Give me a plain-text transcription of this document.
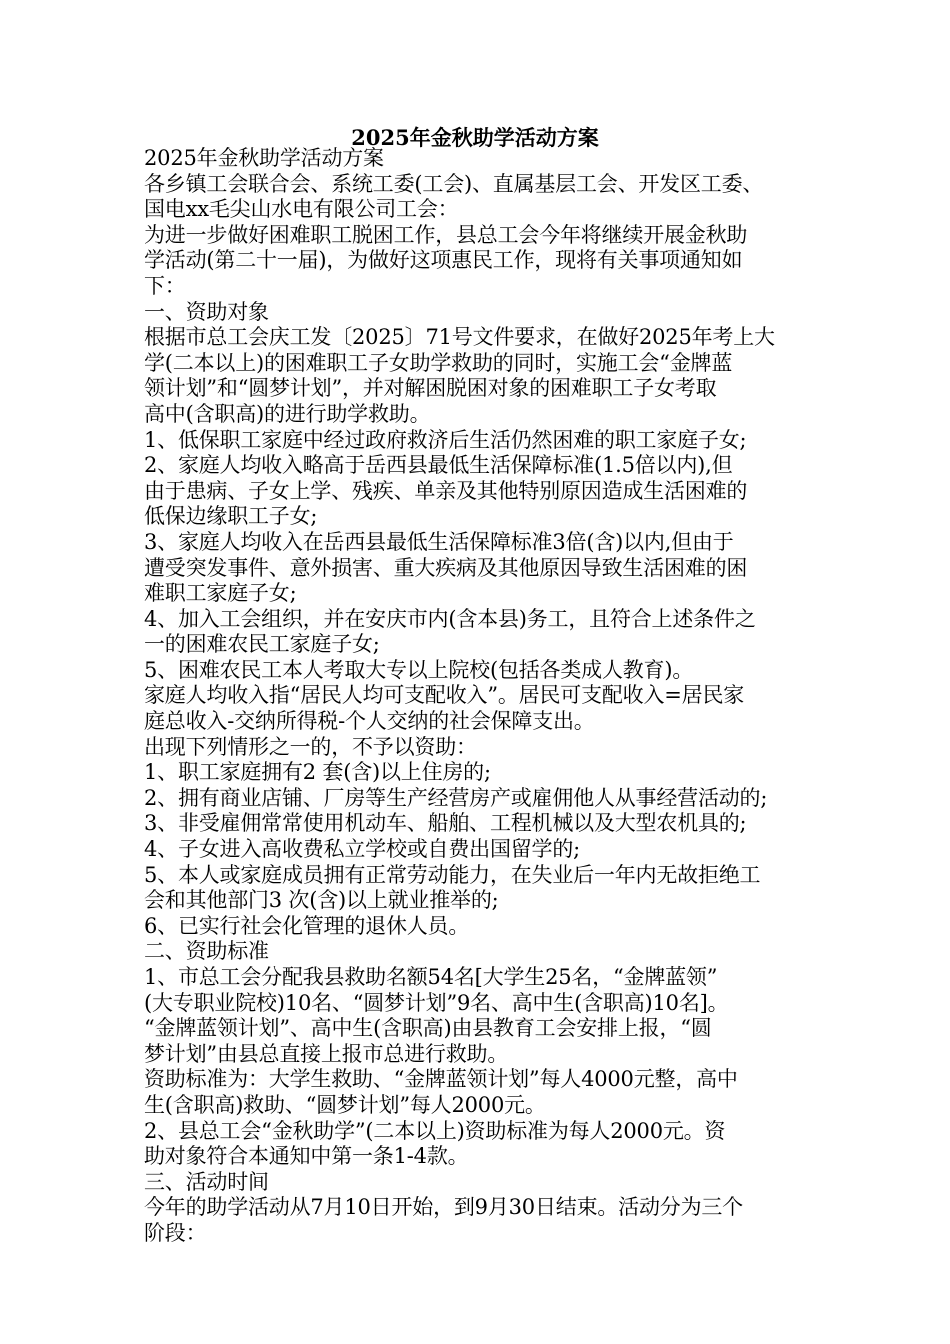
2025年金秋助学活动方案

2025年金秋助学活动方案

各乡镇工会联合会、系统工委(工会)、直属基层工会、开发区工委、

国电xx毛尖山水电有限公司工会：

为进一步做好困难职工脱困工作，县总工会今年将继续开展金秋助

学活动(第二十一届)，为做好这项惠民工作，现将有关事项通知如

下：

一、资助对象

根据市总工会庆工发〔2025〕71号文件要求，在做好2025年考上大

学(二本以上)的困难职工子女助学救助的同时，实施工会“金牌蓝

领计划”和“圆梦计划”，并对解困脱困对象的困难职工子女考取

高中(含职高)的进行助学救助。

1、低保职工家庭中经过政府救济后生活仍然困难的职工家庭子女;

2、家庭人均收入略高于岳西县最低生活保障标准(1.5倍以内),但

由于患病、子女上学、残疾、单亲及其他特别原因造成生活困难的

低保边缘职工子女;

3、家庭人均收入在岳西县最低生活保障标准3倍(含)以内,但由于

遭受突发事件、意外损害、重大疾病及其他原因导致生活困难的困

难职工家庭子女;

4、加入工会组织，并在安庆市内(含本县)务工，且符合上述条件之

一的困难农民工家庭子女;

5、困难农民工本人考取大专以上院校(包括各类成人教育)。

家庭人均收入指“居民人均可支配收入”。居民可支配收入=居民家

庭总收入-交纳所得税-个人交纳的社会保障支出。

出现下列情形之一的，不予以资助：

1、职工家庭拥有2 套(含)以上住房的;

2、拥有商业店铺、厂房等生产经营房产或雇佣他人从事经营活动的;

3、非受雇佣常常使用机动车、船舶、工程机械以及大型农机具的;

4、子女进入高收费私立学校或自费出国留学的;

5、本人或家庭成员拥有正常劳动能力，在失业后一年内无故拒绝工

会和其他部门3 次(含)以上就业推举的;

6、已实行社会化管理的退休人员。

二、资助标准

1、市总工会分配我县救助名额54名[大学生25名，“金牌蓝领”

(大专职业院校)10名、“圆梦计划”9名、高中生(含职高)10名]。

“金牌蓝领计划”、高中生(含职高)由县教育工会安排上报，“圆

梦计划”由县总直接上报市总进行救助。

资助标准为：大学生救助、“金牌蓝领计划”每人4000元整，高中

生(含职高)救助、“圆梦计划”每人2000元。

2、县总工会“金秋助学”(二本以上)资助标准为每人2000元。资

助对象符合本通知中第一条1-4款。

三、活动时间

今年的助学活动从7月10日开始，到9月30日结束。活动分为三个

阶段：
